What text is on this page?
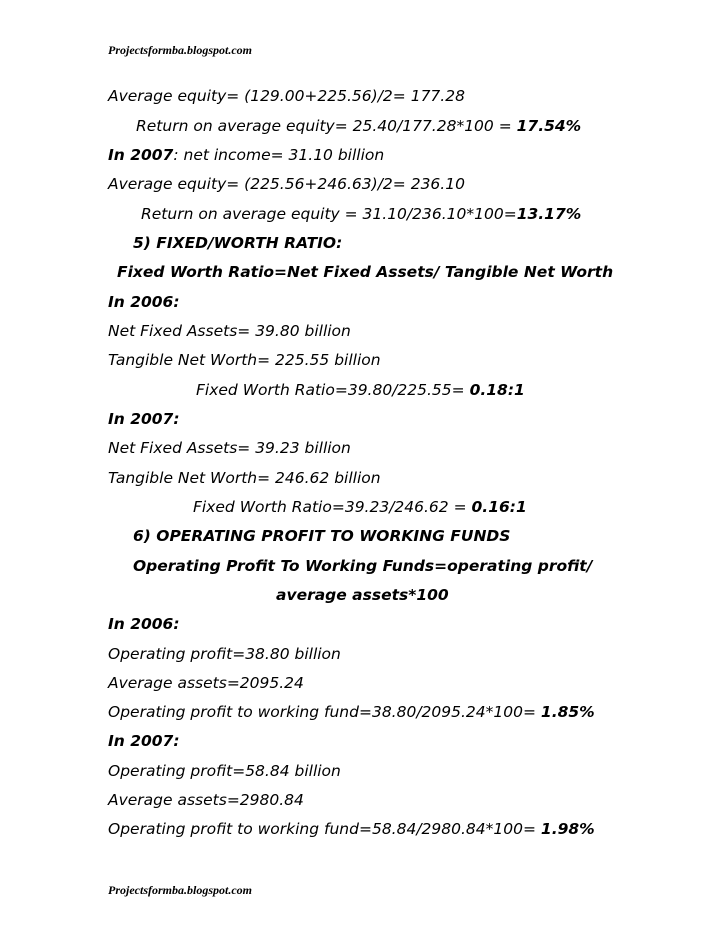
Projectsformba.blogspot.com
Average equity= (129.00+225.56)/2= 177.28
Return on average equity= 25.40/177.28*100 = 17.54%
In 2007: net income= 31.10 billion
Average equity= (225.56+246.63)/2= 236.10
Return on average equity = 31.10/236.10*100=13.17%
5) FIXED/WORTH RATIO:
Fixed Worth Ratio=Net Fixed Assets/ Tangible Net Worth
In 2006:
Net Fixed Assets= 39.80 billion
Tangible Net Worth= 225.55 billion
Fixed Worth Ratio=39.80/225.55= 0.18:1
In 2007:
Net Fixed Assets= 39.23 billion
Tangible Net Worth= 246.62 billion
Fixed Worth Ratio=39.23/246.62 = 0.16:1
6) OPERATING PROFIT TO WORKING FUNDS
Operating Profit To Working Funds=operating profit/
average assets*100
In 2006:
Operating profit=38.80 billion
Average assets=2095.24
Operating profit to working fund=38.80/2095.24*100= 1.85%
In 2007:
Operating profit=58.84 billion
Average assets=2980.84
Operating profit to working fund=58.84/2980.84*100= 1.98%
Projectsformba.blogspot.com
